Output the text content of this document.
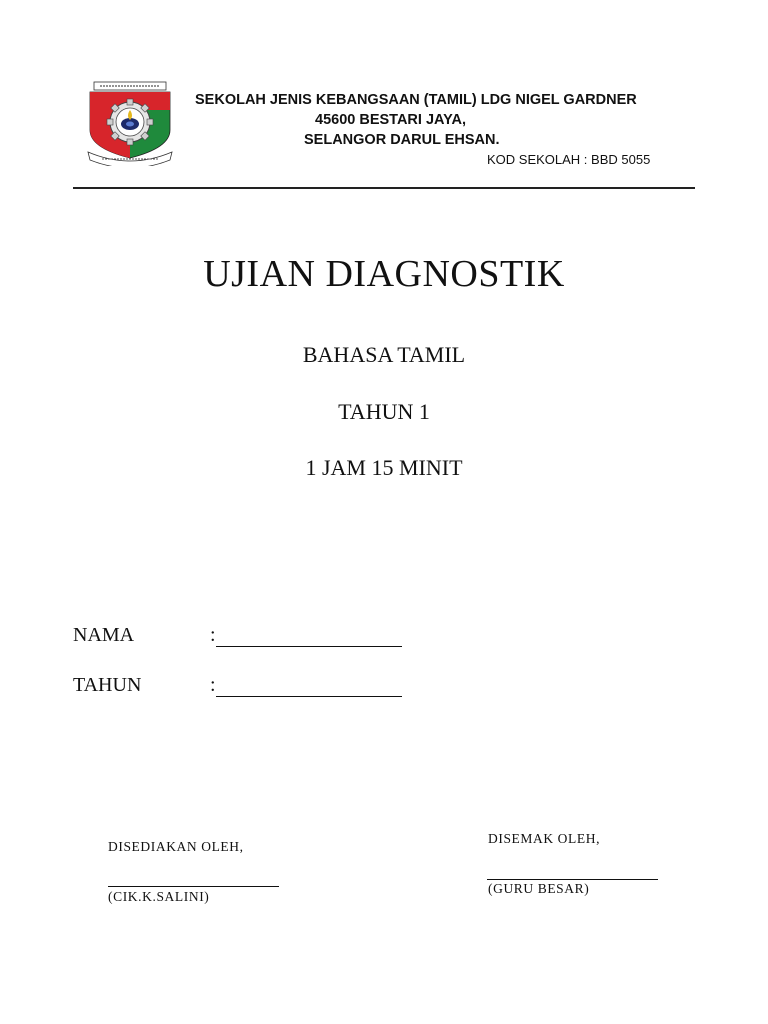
SEKOLAH JENIS KEBANGSAAN (TAMIL) LDG NIGEL GARDNER
45600 BESTARI JAYA,
SELANGOR DARUL EHSAN.
KOD SEKOLAH : BBD 5055
UJIAN DIAGNOSTIK
BAHASA TAMIL
TAHUN 1
1 JAM 15 MINIT
NAMA	:
TAHUN	:
DISEDIAKAN OLEH,
(CIK.K.SALINI)
DISEMAK OLEH,
(GURU BESAR)
